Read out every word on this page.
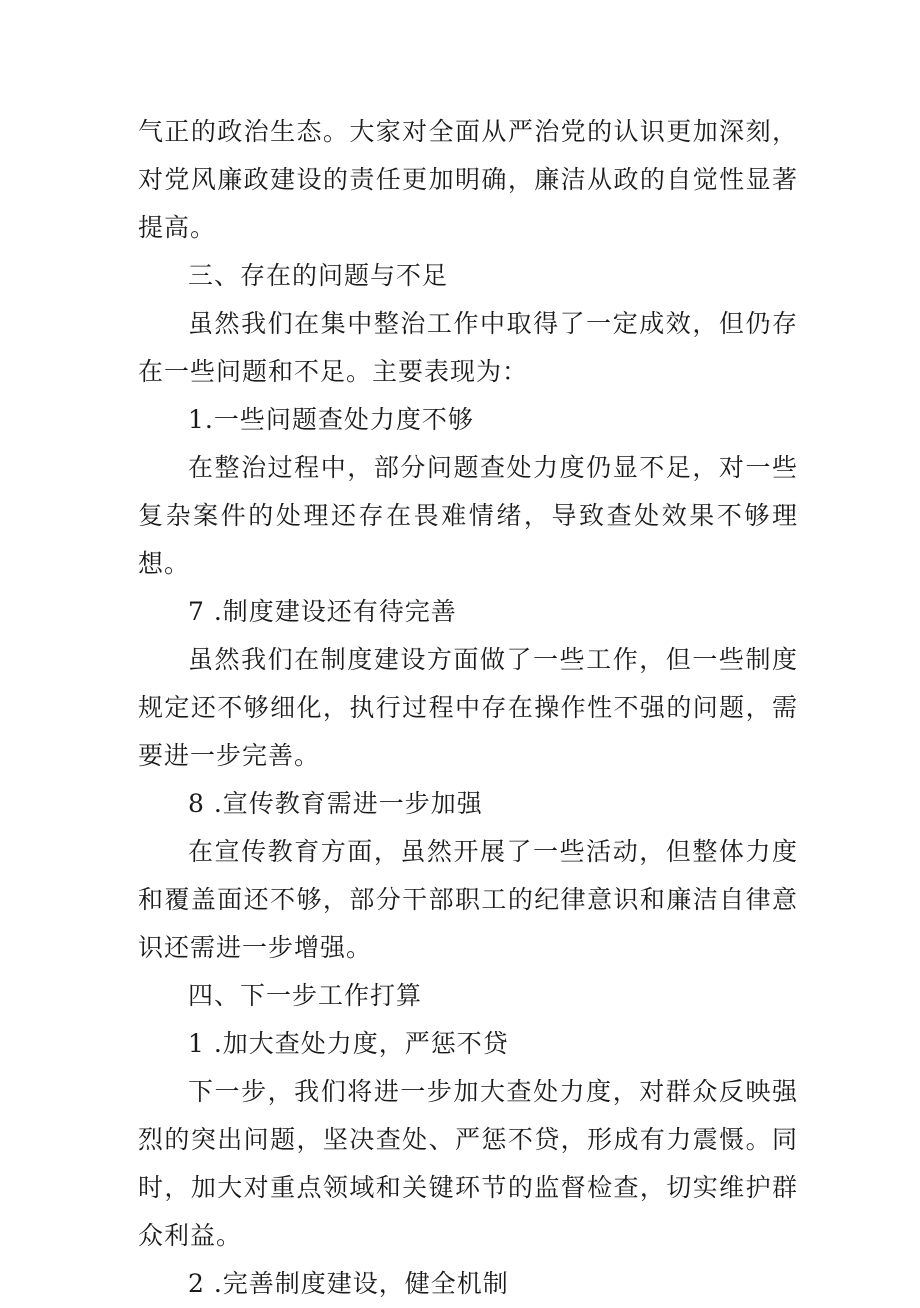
气正的政治生态。大家对全面从严治党的认识更加深刻，对党风廉政建设的责任更加明确，廉洁从政的自觉性显著提高。

三、存在的问题与不足

虽然我们在集中整治工作中取得了一定成效，但仍存在一些问题和不足。主要表现为：

1.一些问题查处力度不够

在整治过程中，部分问题查处力度仍显不足，对一些复杂案件的处理还存在畏难情绪，导致查处效果不够理想。

7 .制度建设还有待完善

虽然我们在制度建设方面做了一些工作，但一些制度规定还不够细化，执行过程中存在操作性不强的问题，需要进一步完善。

8 .宣传教育需进一步加强

在宣传教育方面，虽然开展了一些活动，但整体力度和覆盖面还不够，部分干部职工的纪律意识和廉洁自律意识还需进一步增强。

四、下一步工作打算

1 .加大查处力度，严惩不贷

下一步，我们将进一步加大查处力度，对群众反映强烈的突出问题，坚决查处、严惩不贷，形成有力震慑。同时，加大对重点领域和关键环节的监督检查，切实维护群众利益。

2 .完善制度建设，健全机制
